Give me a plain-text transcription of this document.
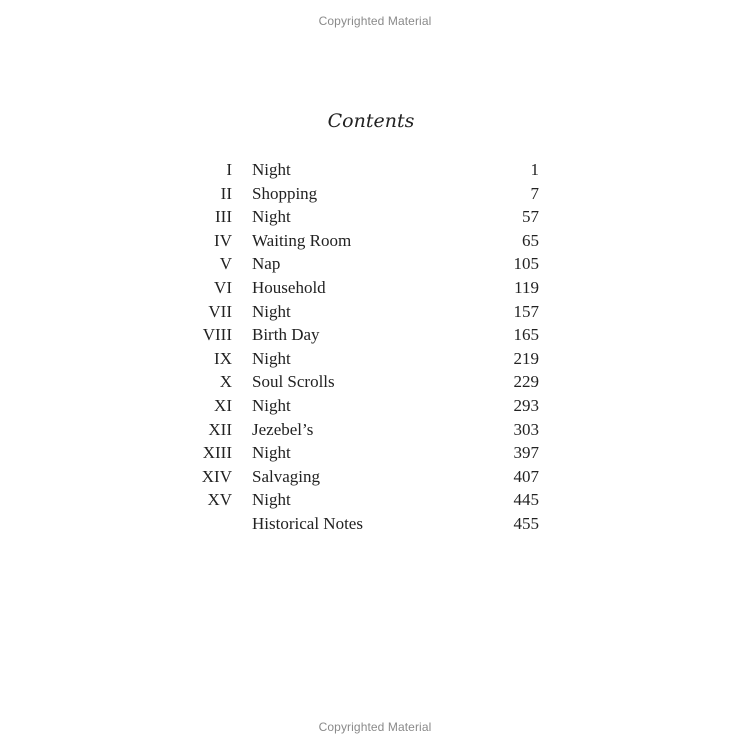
Copyrighted Material
Contents
I Night	1
II Shopping	7
III Night	57
IV Waiting Room	65
V Nap	105
VI Household	119
VII Night	157
VIII Birth Day	165
IX Night	219
X Soul Scrolls	229
XI Night	293
XII Jezebel’s	303
XIII Night	397
XIV Salvaging	407
XV Night	445
Historical Notes	455
Copyrighted Material
